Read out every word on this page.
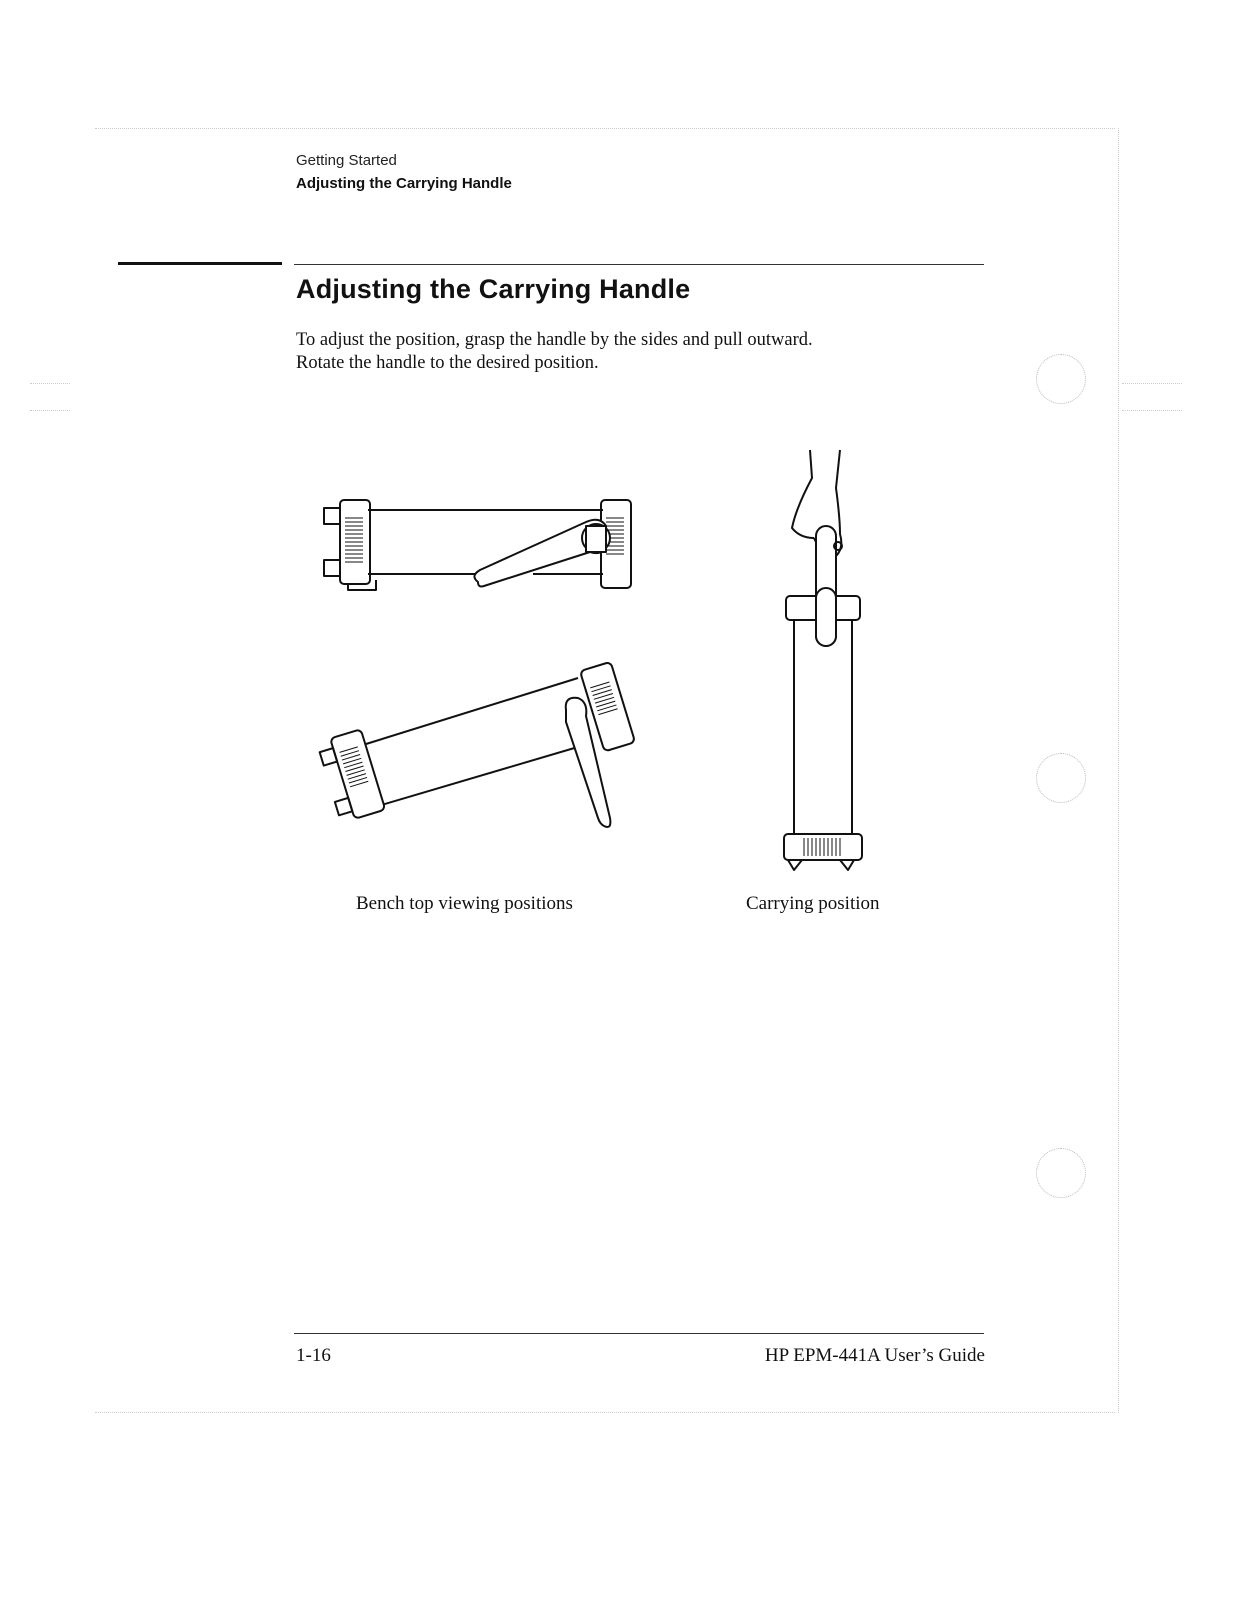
Getting Started
Adjusting the Carrying Handle
Adjusting the Carrying Handle
To adjust the position, grasp the handle by the sides and pull outward.
Rotate the handle to the desired position.
Bench top viewing positions	Carrying position
1-16	HP EPM-441A User’s Guide
